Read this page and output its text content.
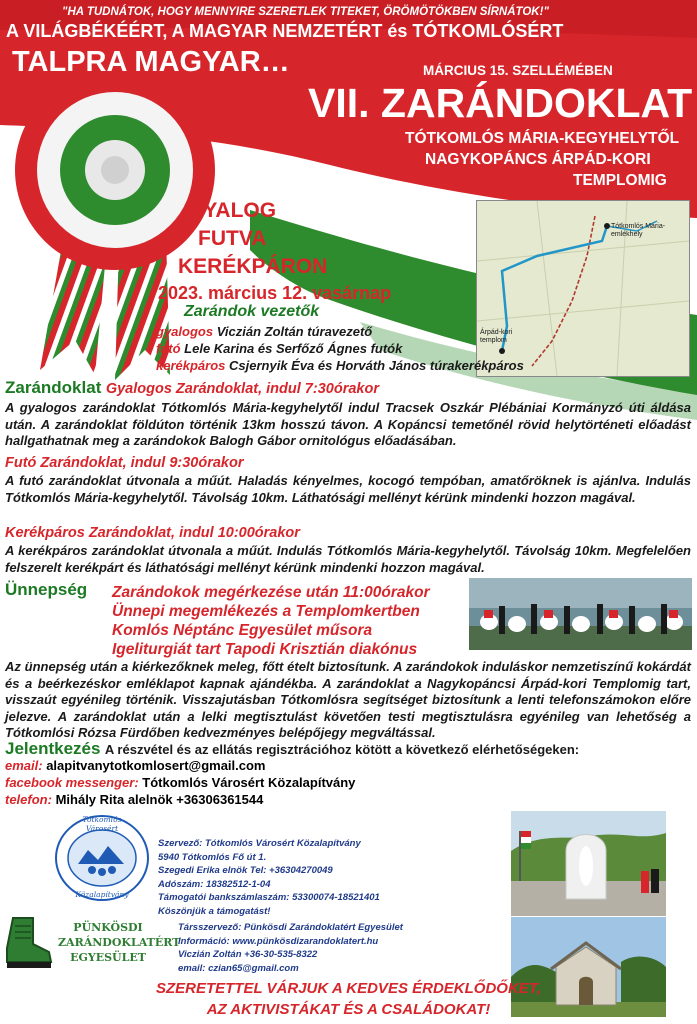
"HA TUDNÁTOK, HOGY MENNYIRE SZERETLEK TITEKET, ÖRÖMÖTÖKBEN SÍRNÁTOK!"
A VILÁGBÉKÉÉRT, A MAGYAR NEMZETÉRT és TÓTKOMLÓSÉRT
TALPRA MAGYAR…	MÁRCIUS 15. SZELLÉMÉBEN
VII. ZARÁNDOKLAT
TÓTKOMLÓS MÁRIA-KEGYHELYTŐL
NAGYKOPÁNCS ÁRPÁD-KORI
TEMPLOMIG
GYALOG
FUTVA
KERÉKPÁRON
2023. március 12. vasárnap
Tótkomlós Mária-emlékhely
Árpád-kori templom
Zarándok vezetők
gyalogos Viczián Zoltán túravezető
futó Lele Karina és Serfőző Ágnes futók
kerékpáros Csjernyik Éva és Horváth János túrakerékpáros
Zarándoklat Gyalogos Zarándoklat, indul 7:30órakor

A gyalogos zarándoklat Tótkomlós Mária-kegyhelytől indul Tracsek Oszkár Plébániai Kormányzó úti áldása után. A zarándoklat földúton történik 13km hosszú távon. A Kopáncsi temetőnél rövid helytörténeti előadást hallgathatnak meg a zarándokok Balogh Gábor ornitológus előadásában.

Futó Zarándoklat, indul 9:30órakor

A futó zarándoklat útvonala a műút. Haladás kényelmes, kocogó tempóban, amatőröknek is ajánlva. Indulás Tótkomlós Mária-kegyhelytől. Távolság 10km. Láthatósági mellényt kérünk mindenki hozzon magával.

Kerékpáros Zarándoklat, indul 10:00órakor

A kerékpáros zarándoklat útvonala a műút. Indulás Tótkomlós Mária-kegyhelytől. Távolság 10km. Megfelelően felszerelt kerékpárt és láthatósági mellényt kérünk mindenki hozzon magával.

Ünnepség Zarándokok megérkezése után 11:00órakor
Ünnepi megemlékezés a Templomkertben
Komlós Néptánc Egyesület műsora
Igeliturgiát tart Tapodi Krisztián diakónus

Az ünnepség után a kiérkezőknek meleg, főtt ételt biztosítunk. A zarándokok induláskor nemzetiszínű kokárdát és a beérkezéskor emléklapot kapnak ajándékba. A zarándoklat a Nagykopáncsi Árpád-kori Templomig tart, visszaút egyénileg történik. Visszajutásban Tótkomlósra segítséget biztosítunk a lenti telefonszámokon előre jelezve. A zarándoklat után a lelki megtisztulást követően testi megtisztulásra egyénileg van lehetőség a Tótkomlósi Rózsa Fürdőben kedvezményes belépőjegy megváltással.

Jelentkezés A részvétel és az ellátás regisztrációhoz kötött a következő elérhetőségeken:
email: alapitvanytotkomlosert@gmail.com
facebook messenger: Tótkomlós Városért Közalapítvány
telefon: Mihály Rita alelnök +36306361544
Tótkomlós Városért
Közalapítvány
Szervező: Tótkomlós Városért Közalapítvány
5940 Tótkomlós Fő út 1.
Szegedi Erika elnök Tel: +36304270049
Adószám: 18382512-1-04
Támogatói bankszámlaszám: 53300074-18521401
Köszönjük a támogatást!
PÜNKÖSDI
ZARÁNDOKLATÉRT
EGYESÜLET
Társszervező: Pünkösdi Zarándoklatért Egyesület
Információ: www.pünkösdizarandoklatert.hu
Viczián Zoltán +36-30-535-8322
email: czian65@gmail.com
SZERETETTEL VÁRJUK A KEDVES ÉRDEKLŐDŐKET,
AZ AKTIVISTÁKAT ÉS A CSALÁDOKAT!
